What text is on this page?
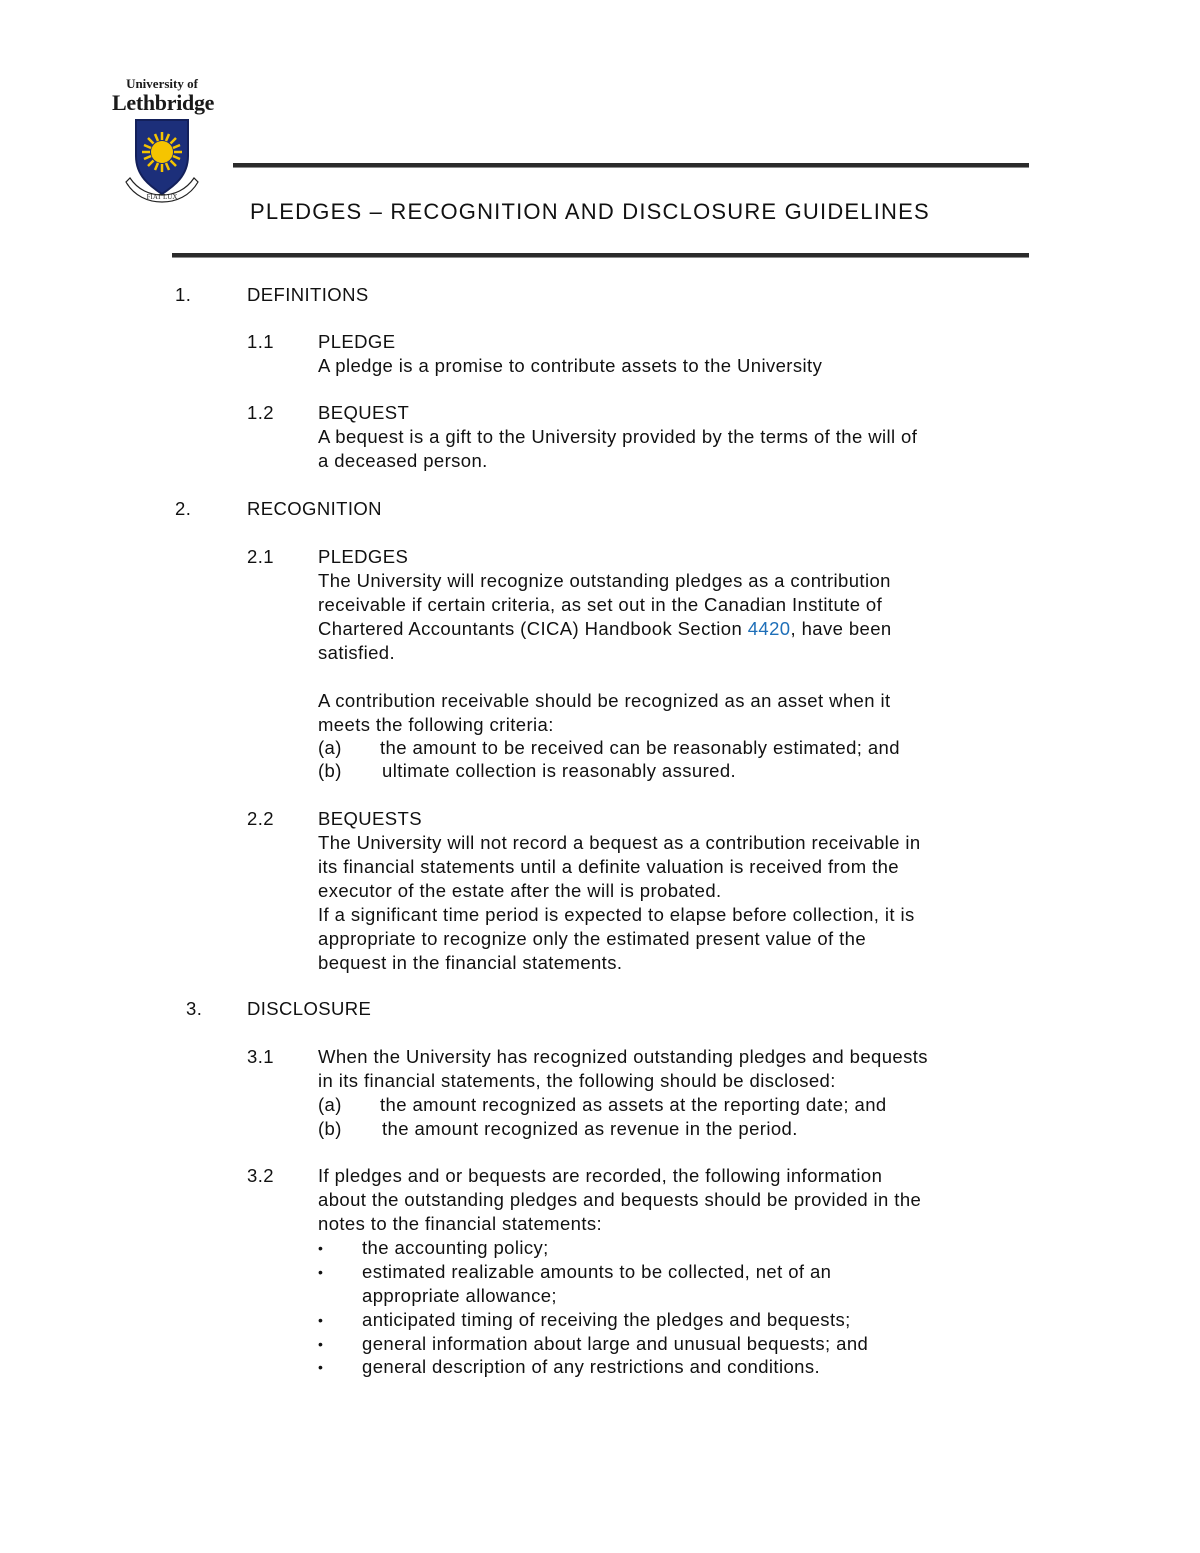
University of
Lethbridge
FIAT LUX
PLEDGES – RECOGNITION AND DISCLOSURE GUIDELINES
1.	DEFINITIONS
1.1 PLEDGE
A pledge is a promise to contribute assets to the University
1.2 BEQUEST
A bequest is a gift to the University provided by the terms of the will of
a deceased person.
2.	RECOGNITION
2.1 PLEDGES
The University will recognize outstanding pledges as a contribution
receivable if certain criteria, as set out in the Canadian Institute of
Chartered Accountants (CICA) Handbook Section 4420, have been
satisfied.
A contribution receivable should be recognized as an asset when it
meets the following criteria:
(a) the amount to be received can be reasonably estimated; and
(b) ultimate collection is reasonably assured.
2.2 BEQUESTS
The University will not record a bequest as a contribution receivable in
its financial statements until a definite valuation is received from the
executor of the estate after the will is probated.
If a significant time period is expected to elapse before collection, it is
appropriate to recognize only the estimated present value of the
bequest in the financial statements.
3. DISCLOSURE
3.1 When the University has recognized outstanding pledges and bequests
in its financial statements, the following should be disclosed:
(a) the amount recognized as assets at the reporting date; and
(b) the amount recognized as revenue in the period.
3.2 If pledges and or bequests are recorded, the following information
about the outstanding pledges and bequests should be provided in the
notes to the financial statements:
• the accounting policy;
• estimated realizable amounts to be collected, net of an
appropriate allowance;
• anticipated timing of receiving the pledges and bequests;
• general information about large and unusual bequests; and
• general description of any restrictions and conditions.
